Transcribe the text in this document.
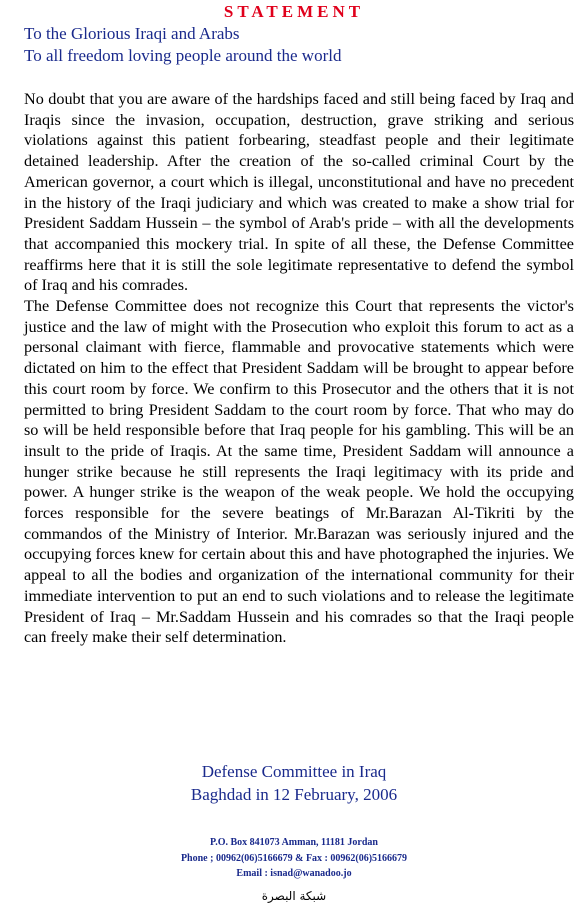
STATEMENT
To the Glorious Iraqi and Arabs
To all freedom loving people around the world

No doubt that you are aware of the hardships faced and still being faced by Iraq and Iraqis since the invasion, occupation, destruction, grave striking and serious violations against this patient forbearing, steadfast people and their legitimate detained leadership. After the creation of the so-called criminal Court by the American governor, a court which is illegal, unconstitutional and have no precedent in the history of the Iraqi judiciary and which was created to make a show trial for President Saddam Hussein – the symbol of Arab's pride – with all the developments that accompanied this mockery trial. In spite of all these, the Defense Committee reaffirms here that it is still the sole legitimate representative to defend the symbol of Iraq and his comrades.

The Defense Committee does not recognize this Court that represents the victor's justice and the law of might with the Prosecution who exploit this forum to act as a personal claimant with fierce, flammable and provocative statements which were dictated on him to the effect that President Saddam will be brought to appear before this court room by force. We confirm to this Prosecutor and the others that it is not permitted to bring President Saddam to the court room by force. That who may do so will be held responsible before that Iraq people for his gambling. This will be an insult to the pride of Iraqis. At the same time, President Saddam will announce a hunger strike because he still represents the Iraqi legitimacy with its pride and power. A hunger strike is the weapon of the weak people. We hold the occupying forces responsible for the severe beatings of Mr.Barazan Al-Tikriti by the commandos of the Ministry of Interior. Mr.Barazan was seriously injured and the occupying forces knew for certain about this and have photographed the injuries. We appeal to all the bodies and organization of the international community for their immediate intervention to put an end to such violations and to release the legitimate President of Iraq – Mr.Saddam Hussein and his comrades so that the Iraqi people can freely make their self determination.

Defense Committee in Iraq
Baghdad in 12 February, 2006
P.O. Box 841073 Amman, 11181 Jordan
Phone ; 00962(06)5166679 & Fax : 00962(06)5166679
Email : isnad@wanadoo.jo
شبكة البصرة
